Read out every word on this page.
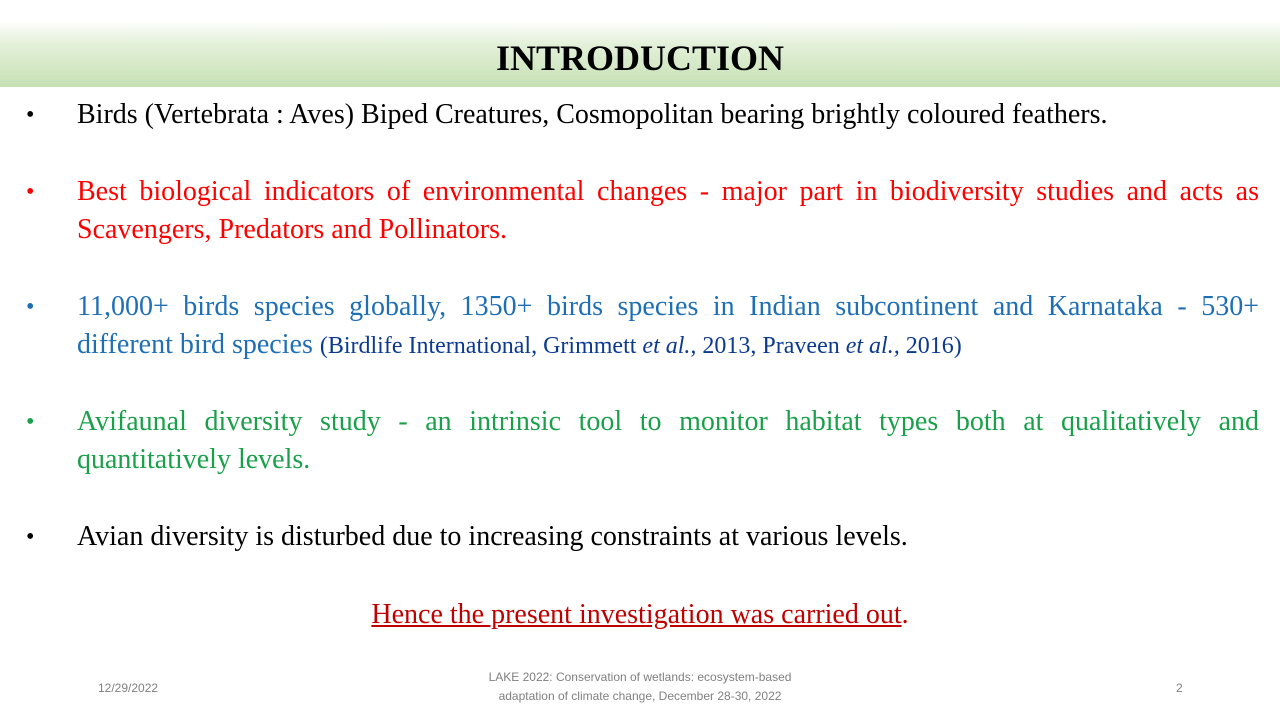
INTRODUCTION
• Birds (Vertebrata : Aves) Biped Creatures, Cosmopolitan bearing brightly coloured feathers.
• Best biological indicators of environmental changes - major part in biodiversity studies and acts as Scavengers, Predators and Pollinators.
• 11,000+ birds species globally, 1350+ birds species in Indian subcontinent and Karnataka - 530+ different bird species (Birdlife International, Grimmett et al., 2013, Praveen et al., 2016)
• Avifaunal diversity study - an intrinsic tool to monitor habitat types both at qualitatively and quantitatively levels.
• Avian diversity is disturbed due to increasing constraints at various levels.
Hence the present investigation was carried out.
12/29/2022
LAKE 2022: Conservation of wetlands: ecosystem-based
adaptation of climate change, December 28-30, 2022
2
